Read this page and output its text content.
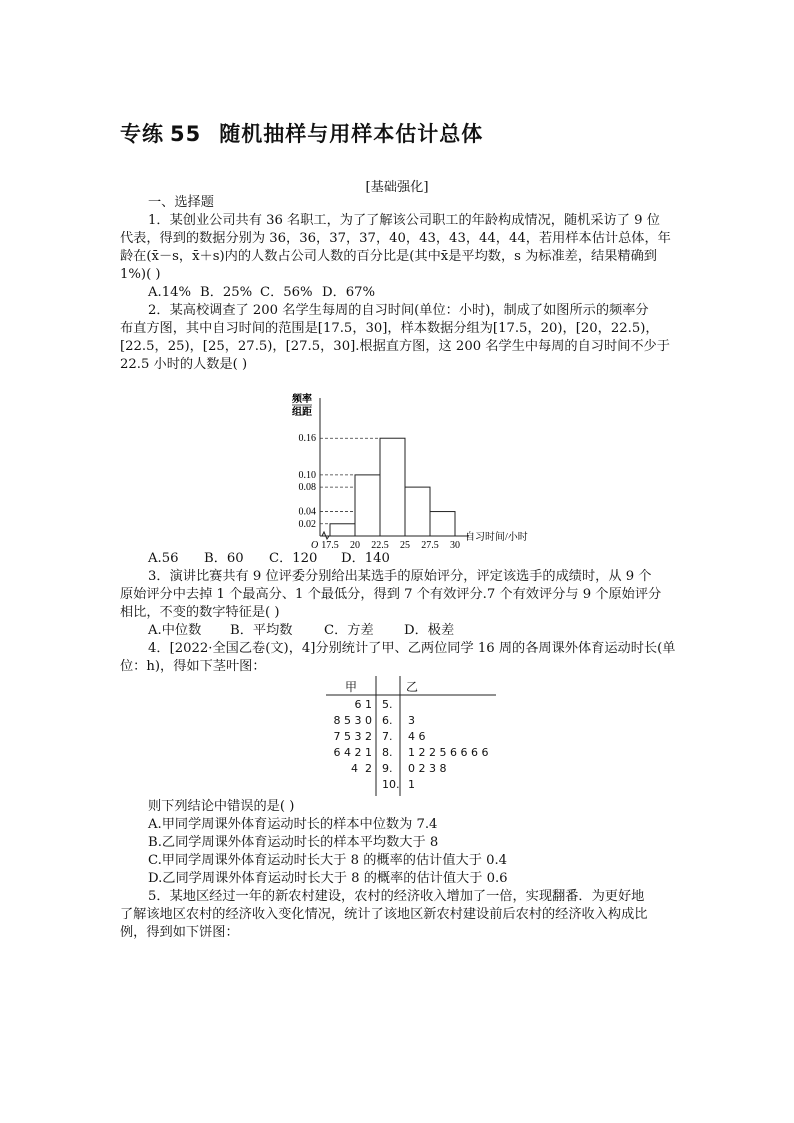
专练 55 随机抽样与用样本估计总体
[基础强化]
一、选择题
1．某创业公司共有 36 名职工，为了了解该公司职工的年龄构成情况，随机采访了 9 位
代表，得到的数据分别为 36，36，37，37，40，43，43，44，44，若用样本估计总体，年
龄在(x̄－s，x̄＋s)内的人数占公司人数的百分比是(其中x̄是平均数，s 为标准差，结果精确到
1%)( )
A.14% B．25% C．56% D．67%
2．某高校调查了 200 名学生每周的自习时间(单位：小时)，制成了如图所示的频率分
布直方图，其中自习时间的范围是[17.5，30]，样本数据分组为[17.5，20)，[20，22.5)，
[22.5，25)，[25，27.5)，[27.5，30].根据直方图，这 200 名学生中每周的自习时间不少于
22.5 小时的人数是( )
频率
组距
0.02
0.04
0.08
0.10
0.16
17.5 20 22.5 25 27.5 30
O
自习时间/小时
A.56 B．60 C．120 D．140
3．演讲比赛共有 9 位评委分别给出某选手的原始评分，评定该选手的成绩时，从 9 个
原始评分中去掉 1 个最高分、1 个最低分，得到 7 个有效评分.7 个有效评分与 9 个原始评分
相比，不变的数字特征是( )
A.中位数 B．平均数 C．方差 D．极差
4．[2022·全国乙卷(文)，4]分别统计了甲、乙两位同学 16 周的各周课外体育运动时长(单
位：h)，得如下茎叶图：
甲	乙
6 1 5.
8 5 3 0 6. 3
7 5 3 2 7. 4 6
6 4 2 1 8. 1 2 2 5 6 6 6 6
4  2 9. 0 2 3 8
10. 1
则下列结论中错误的是( )
A.甲同学周课外体育运动时长的样本中位数为 7.4
B.乙同学周课外体育运动时长的样本平均数大于 8
C.甲同学周课外体育运动时长大于 8 的概率的估计值大于 0.4
D.乙同学周课外体育运动时长大于 8 的概率的估计值大于 0.6
5．某地区经过一年的新农村建设，农村的经济收入增加了一倍，实现翻番．为更好地
了解该地区农村的经济收入变化情况，统计了该地区新农村建设前后农村的经济收入构成比
例，得到如下饼图：
